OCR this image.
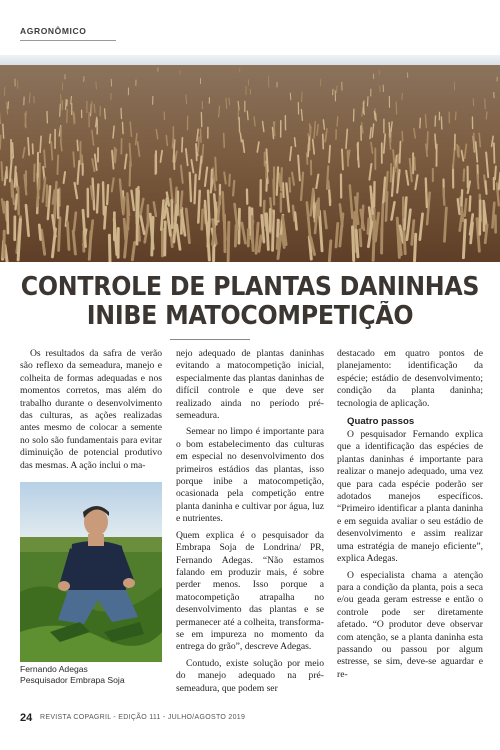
AGRONÔMICO
CONTROLE DE PLANTAS DANINHAS
INIBE MATOCOMPETIÇÃO

Os resultados da safra de verão são reflexo da semeadura, manejo e colheita de formas adequadas e nos momentos corretos, mas além do trabalho durante o desenvolvimento das culturas, as ações realizadas antes mesmo de colocar a semente no solo são fundamentais para evitar diminuição de potencial produtivo das mesmas. A ação inclui o ma-

Fernando Adegas
Pesquisador Embrapa Soja

nejo adequado de plantas daninhas evitando a matocompetição inicial, especialmente das plantas daninhas de difícil controle e que deve ser realizado ainda no período pré-semeadura.

Semear no limpo é importante para o bom estabelecimento das culturas em especial no desenvolvimento dos primeiros estádios das plantas, isso porque inibe a matocompetição, ocasionada pela competição entre planta daninha e cultivar por água, luz e nutrientes.

Quem explica é o pesquisador da Embrapa Soja de Londrina/ PR, Fernando Adegas. “Não estamos falando em produzir mais, é sobre perder menos. Isso porque a matocompetição atrapalha no desenvolvimento das plantas e se permanecer até a colheita, transforma-se em impureza no momento da entrega do grão”, descreve Adegas.

Contudo, existe solução por meio do manejo adequado na pré-semeadura, que podem ser

destacado em quatro pontos de planejamento: identificação da espécie; estádio de desenvolvimento; condição da planta daninha; tecnologia de aplicação.

Quatro passos

O pesquisador Fernando explica que a identificação das espécies de plantas daninhas é importante para realizar o manejo adequado, uma vez que para cada espécie poderão ser adotados manejos específicos. “Primeiro identificar a planta daninha e em seguida avaliar o seu estádio de desenvolvimento e assim realizar uma estratégia de manejo eficiente”, explica Adegas.

O especialista chama a atenção para a condição da planta, pois a seca e/ou geada geram estresse e então o controle pode ser diretamente afetado. “O produtor deve observar com atenção, se a planta daninha esta passando ou passou por algum estresse, se sim, deve-se aguardar e re-

24 REVISTA COPAGRIL - EDIÇÃO 111 - JULHO/AGOSTO 2019
